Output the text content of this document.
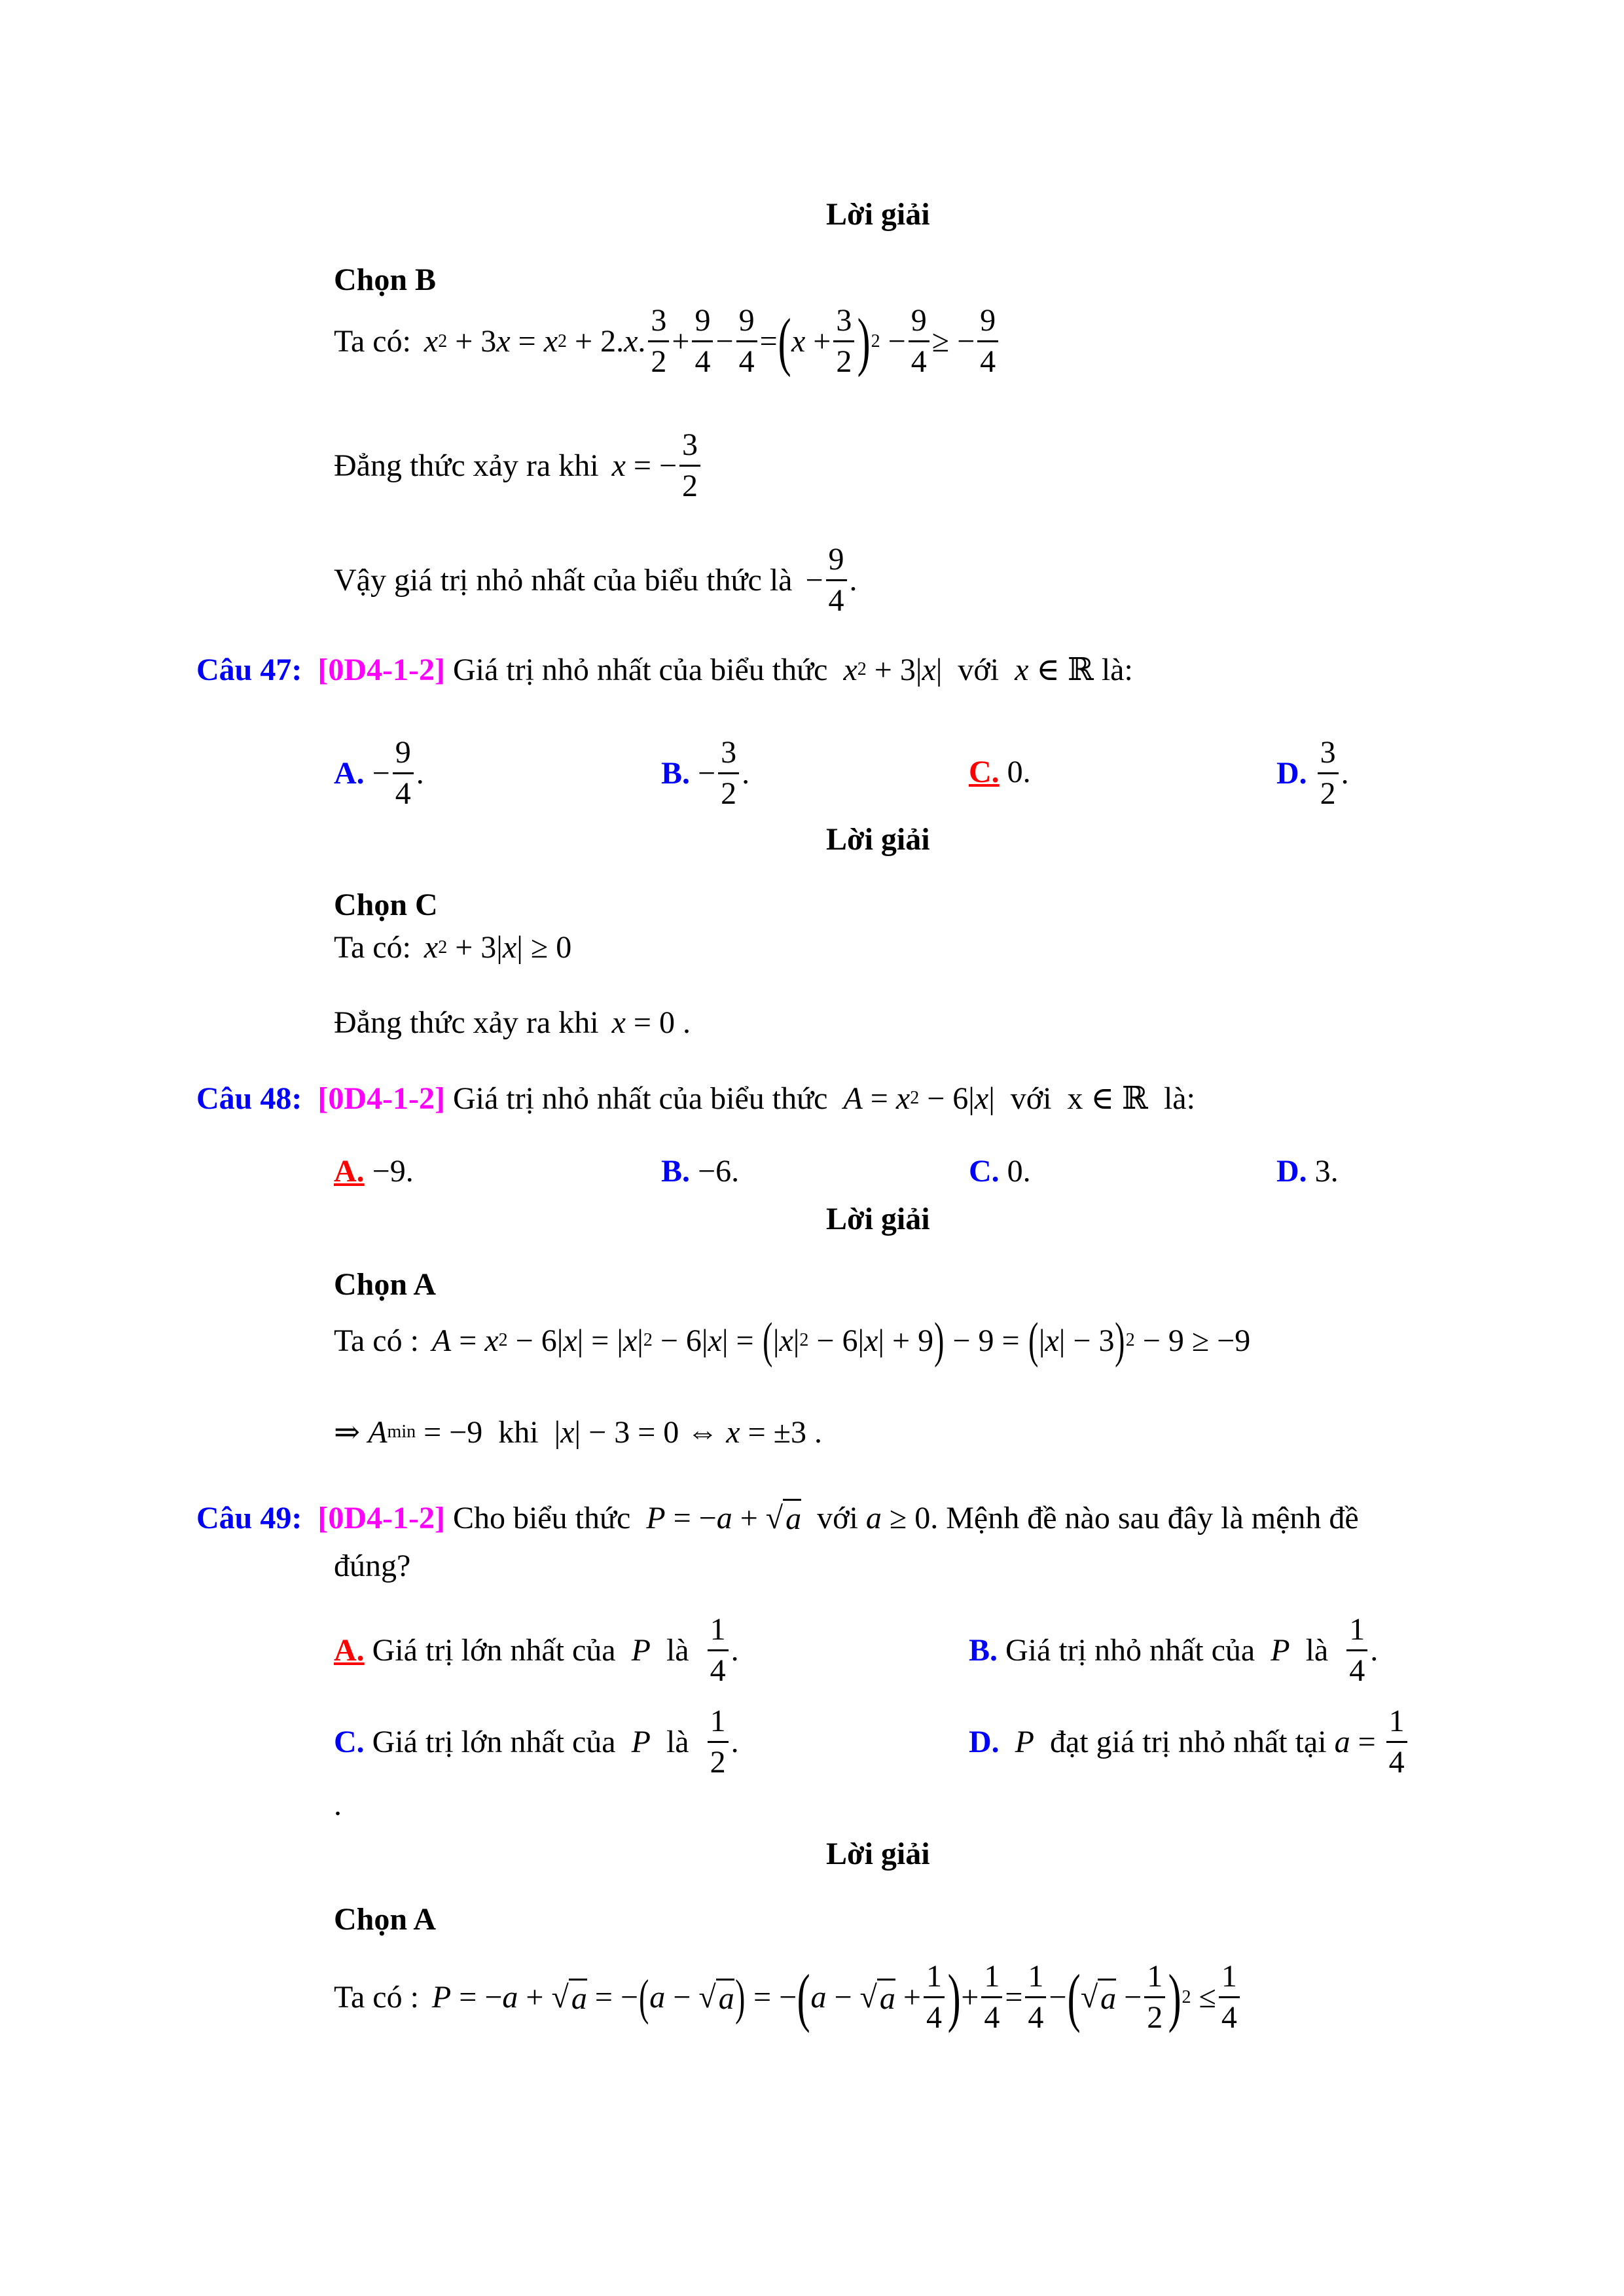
Lời giải
Chọn B
Ta có: x 2 + 3 x = x 2 + 2. x . $\frac{3}{2} + \frac{9}{4} - \frac{9}{4}$ = ( $x + \frac{3}{2}$ ) $2 - \frac{9}{4}$ ≥ − $\frac{9}{4}$
Đẳng thức xảy ra khi x = − $\frac{3}{2}$
Vậy giá trị nhỏ nhất của biểu thức là − $\frac{9}{4}$ .
Câu 47:
[0D4-1-2]
Giá trị nhỏ nhất của biểu thức
x 2 + 3| x | với
x ∈ ℝ là:
A. − $\frac{9}{4}$ .	B. − $\frac{3}{2}$ .	C.
0 .	D.
$\frac{3}{2}$ .
Lời giải
Chọn C
Ta có: x 2 + 3| x | ≥ 0
Đẳng thức xảy ra khi x = 0 .
Câu 48:
[0D4-1-2]
Giá trị nhỏ nhất của biểu thức
A = x 2 − 6| x | với x ∈ ℝ là:
A. −9.	B. −6.	C. 0.	D. 3.
Lời giải
Chọn A
Ta có : A = x 2 − 6| x | = | x | 2 − 6| x | = ( | x | 2 − 6| x | + 9 ) − 9 = ( | x | − 3 ) 2 − 9 ≥ −9
⇒ A min = −9 khi | x | − 3 = 0 ⇔ x = ±3 .
Câu 49:
[0D4-1-2]
Cho biểu thức
P = − a + √ a
với
a ≥ 0 . Mệnh đề nào sau đây là mệnh đề
đúng?
A.
Giá trị lớn nhất của
P
là
$\frac{1}{4}$ .	B.
Giá trị nhỏ nhất của
P
là
$\frac{1}{4}$ .
C.
Giá trị lớn nhất của
P
là
$\frac{1}{2}$ .	D.
P
đạt giá trị nhỏ nhất tại
$a = \frac{1}{4}$
.
Lời giải
Chọn A
Ta có : P = − a + √ a = − ( a − √ a ) = − ( a − √ $a + \frac{1}{4}$ ) + $\frac{1}{4} = \frac{1}{4}$ − ( √ $a - \frac{1}{2}$ ) $2 \le \frac{1}{4}$
